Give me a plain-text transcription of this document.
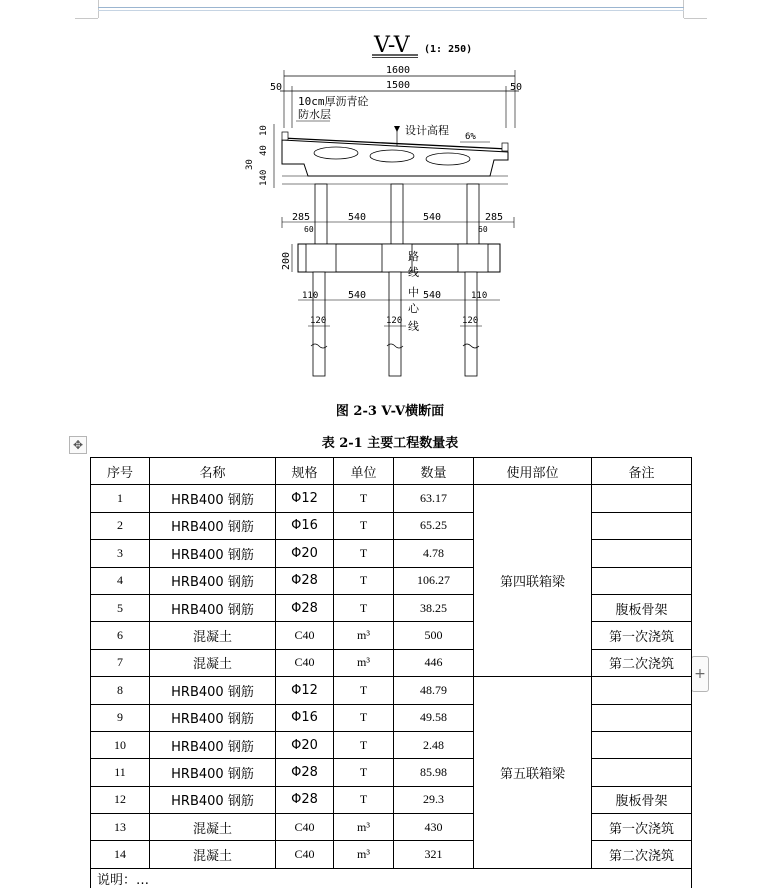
V-V (1: 250)
1600
1500
50	50
10cm厚沥青砼
防水层
设计高程 6%
10
40
30
140
285	540	540	285
60	60
200	路
线
中
心
线
110	540	540	110
120	120	120
图 2-3 V-V横断面
表 2-1 主要工程数量表
✥
+
序号	名称	规格	单位	数量	使用部位	备注
1	HRB400 钢筋	Φ12	T	63.17	第四联箱梁	
2	HRB400 钢筋	Φ16	T	65.25		
3	HRB400 钢筋	Φ20	T	4.78		
4	HRB400 钢筋	Φ28	T	106.27		
5	HRB400 钢筋	Φ28	T	38.25		腹板骨架
6	混凝土	C40	m³	500		第一次浇筑
7	混凝土	C40	m³	446		第二次浇筑
8	HRB400 钢筋	Φ12	T	48.79	第五联箱梁	
9	HRB400 钢筋	Φ16	T	49.58		
10	HRB400 钢筋	Φ20	T	2.48		
11	HRB400 钢筋	Φ28	T	85.98		
12	HRB400 钢筋	Φ28	T	29.3		腹板骨架
13	混凝土	C40	m³	430		第一次浇筑
14	混凝土	C40	m³	321		第二次浇筑
说明：…						
